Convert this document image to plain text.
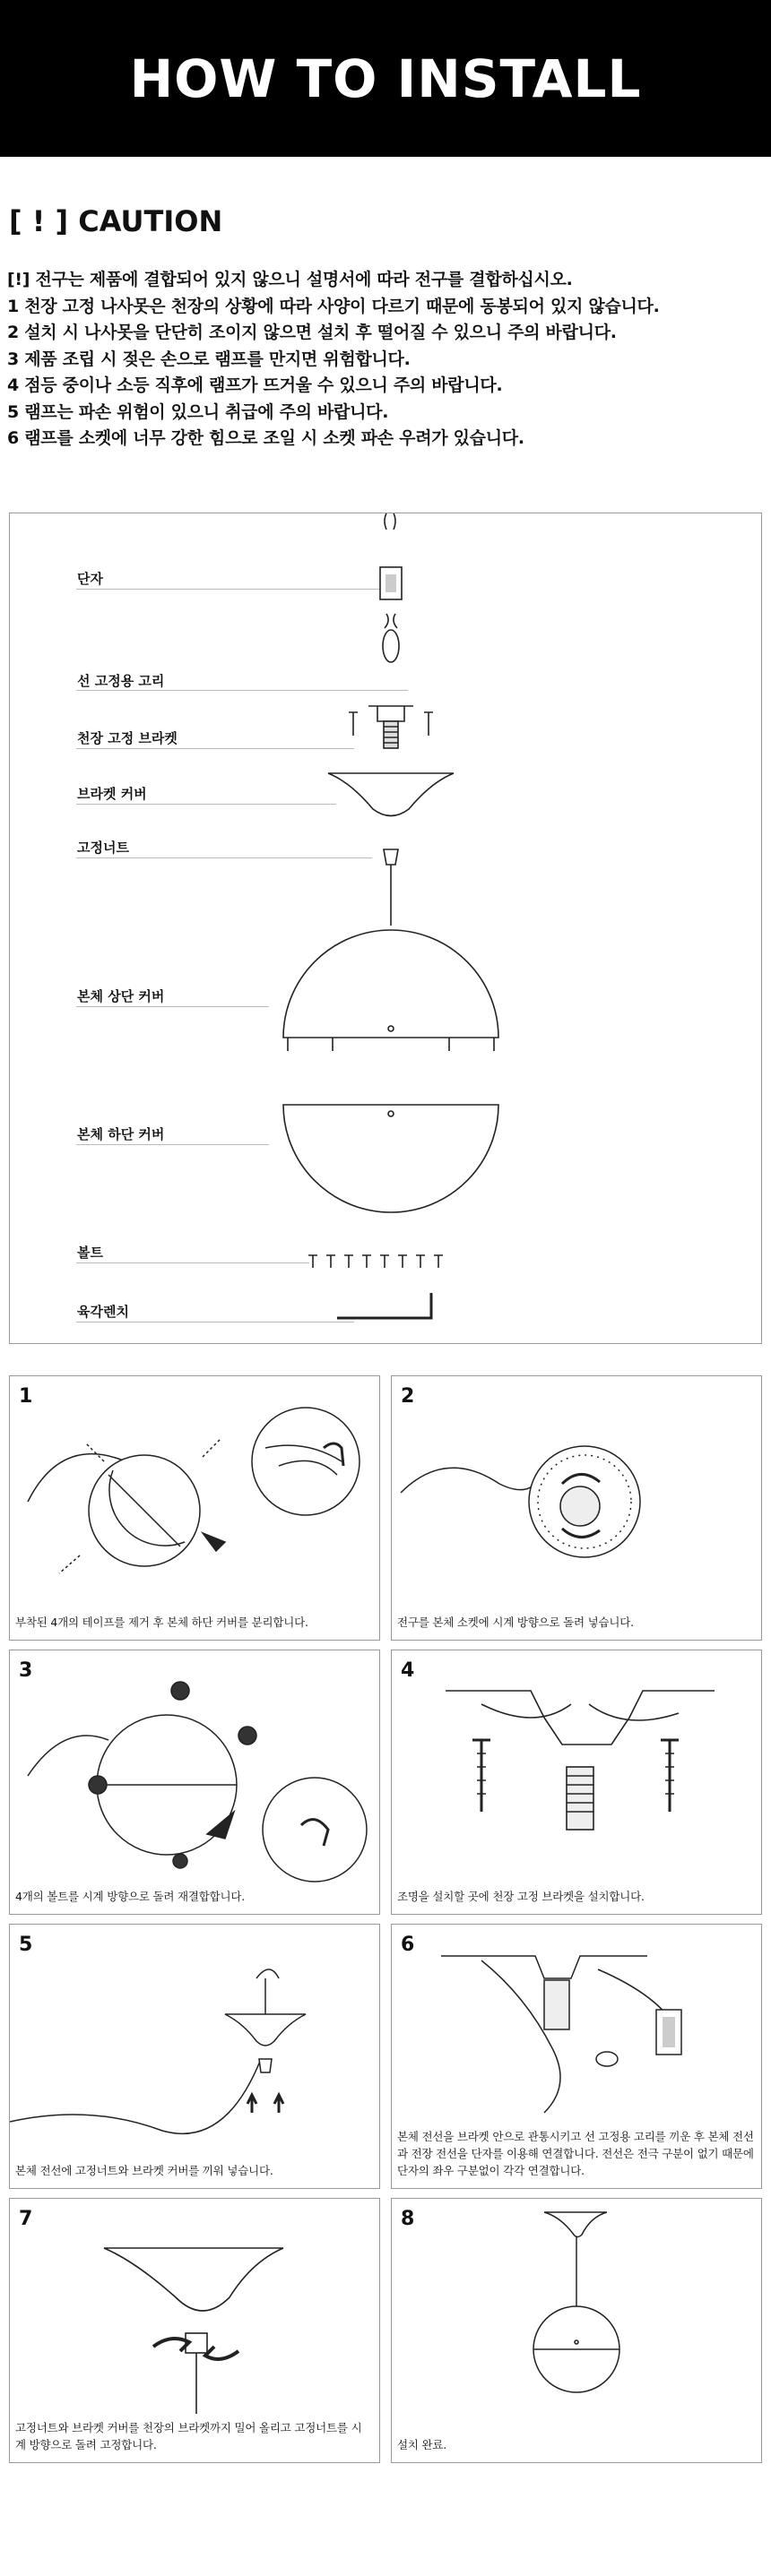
HOW TO INSTALL
[ ! ] CAUTION
[!] 전구는 제품에 결합되어 있지 않으니 설명서에 따라 전구를 결합하십시오.
1 천장 고정 나사못은 천장의 상황에 따라 사양이 다르기 때문에 동봉되어 있지 않습니다.
2 설치 시 나사못을 단단히 조이지 않으면 설치 후 떨어질 수 있으니 주의 바랍니다.
3 제품 조립 시 젖은 손으로 램프를 만지면 위험합니다.
4 점등 중이나 소등 직후에 램프가 뜨거울 수 있으니 주의 바랍니다.
5 램프는 파손 위험이 있으니 취급에 주의 바랍니다.
6 램프를 소켓에 너무 강한 힘으로 조일 시 소켓 파손 우려가 있습니다.
단자
선 고정용 고리
천장 고정 브라켓
브라켓 커버
고정너트
본체 상단 커버
본체 하단 커버
볼트
육각렌치
1
부착된 4개의 테이프를 제거 후 본체 하단 커버를 분리합니다.
2
전구를 본체 소켓에 시계 방향으로 돌려 넣습니다.
3
4개의 볼트를 시계 방향으로 돌려 재결합합니다.
4
조명을 설치할 곳에 천장 고정 브라켓을 설치합니다.
5
본체 전선에 고정너트와 브라켓 커버를 끼워 넣습니다.
6
본체 전선을 브라켓 안으로 관통시키고 선 고정용 고리를 끼운 후 본체 전선과 전장 전선을 단자를 이용해 연결합니다. 전선은 전극 구분이 없기 때문에 단자의 좌우 구분없이 각각 연결합니다.
7
고정너트와 브라켓 커버를 천장의 브라켓까지 밀어 올리고 고정너트를 시계 방향으로 돌려 고정합니다.
8
설치 완료.
